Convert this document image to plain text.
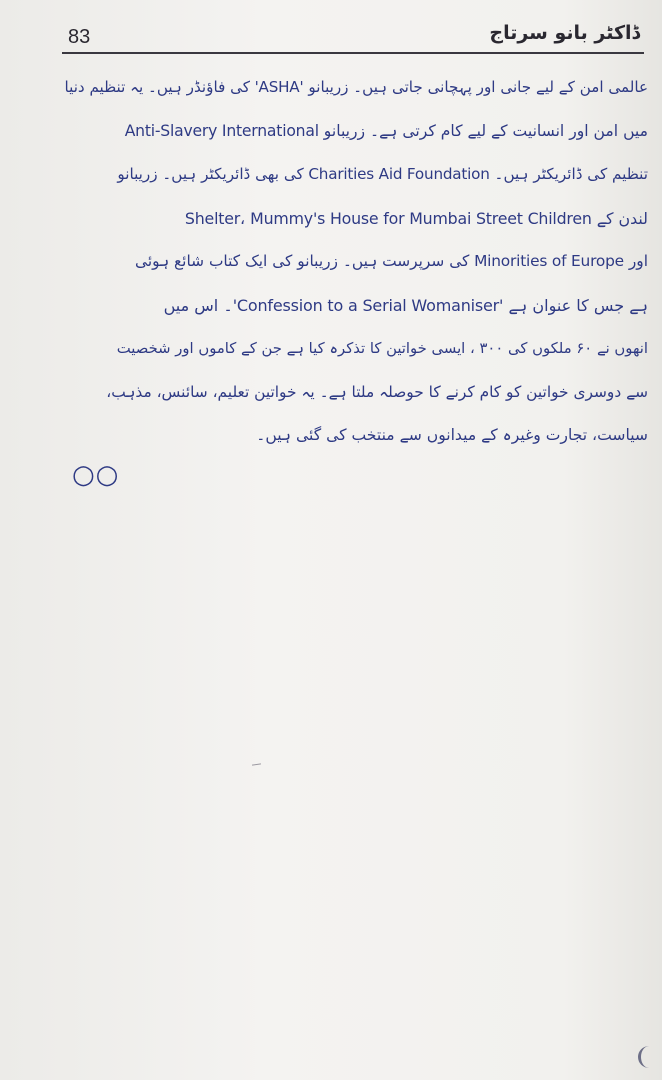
83	ڈاکٹر بانو سرتاج
عالمی امن کے لیے جانی اور پہچانی جاتی ہیں۔ زریبانو 'ASHA' کی فاؤنڈر ہیں۔ یہ تنظیم دنیا
میں امن اور انسانیت کے لیے کام کرتی ہے۔ زریبانو Anti-Slavery International
تنظیم کی ڈائریکٹر ہیں۔ Charities Aid Foundation کی بھی ڈائریکٹر ہیں۔ زریبانو
لندن کے Shelter، Mummy's House for Mumbai Street Children
اور Minorities of Europe کی سرپرست ہیں۔ زریبانو کی ایک کتاب شائع ہوئی
ہے جس کا عنوان ہے 'Confession to a Serial Womaniser'۔ اس میں
انھوں نے ۶۰ ملکوں کی ۳۰۰ ، ایسی خواتین کا تذکرہ کیا ہے جن کے کاموں اور شخصیت
سے دوسری خواتین کو کام کرنے کا حوصلہ ملتا ہے۔ یہ خواتین تعلیم، سائنس، مذہب،
سیاست، تجارت وغیرہ کے میدانوں سے منتخب کی گئی ہیں۔
○○
